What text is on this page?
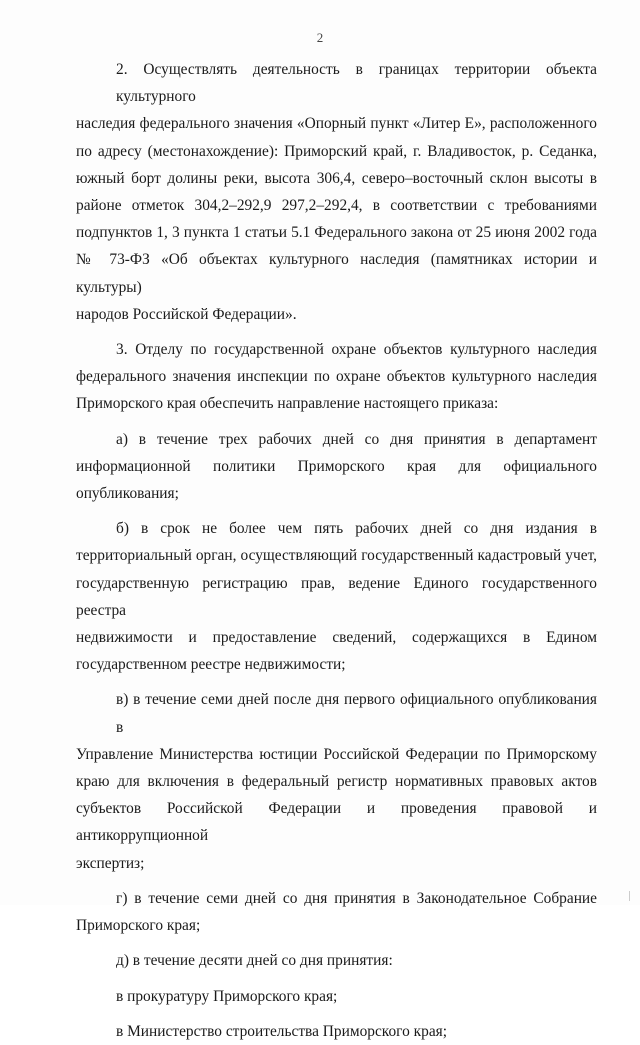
2

2. Осуществлять деятельность в границах территории объекта культурного
наследия федерального значения «Опорный пункт «Литер Е», расположенного
по адресу (местонахождение): Приморский край, г. Владивосток, р. Седанка,
южный борт долины реки, высота 306,4, северо–восточный склон высоты в
районе отметок 304,2–292,9 297,2–292,4, в соответствии с требованиями
подпунктов 1, 3 пункта 1 статьи 5.1 Федерального закона от 25 июня 2002 года
№ 73-ФЗ «Об объектах культурного наследия (памятниках истории и культуры)
народов Российской Федерации».

3. Отделу по государственной охране объектов культурного наследия
федерального значения инспекции по охране объектов культурного наследия
Приморского края обеспечить направление настоящего приказа:

а) в течение трех рабочих дней со дня принятия в департамент
информационной политики Приморского края для официального
опубликования;

б) в срок не более чем пять рабочих дней со дня издания в
территориальный орган, осуществляющий государственный кадастровый учет,
государственную регистрацию прав, ведение Единого государственного реестра
недвижимости и предоставление сведений, содержащихся в Едином
государственном реестре недвижимости;

в) в течение семи дней после дня первого официального опубликования в
Управление Министерства юстиции Российской Федерации по Приморскому
краю для включения в федеральный регистр нормативных правовых актов
субъектов Российской Федерации и проведения правовой и антикоррупционной
экспертиз;

г) в течение семи дней со дня принятия в Законодательное Собрание
Приморского края;

д) в течение десяти дней со дня принятия:

в прокуратуру Приморского края;

в Министерство строительства Приморского края;
